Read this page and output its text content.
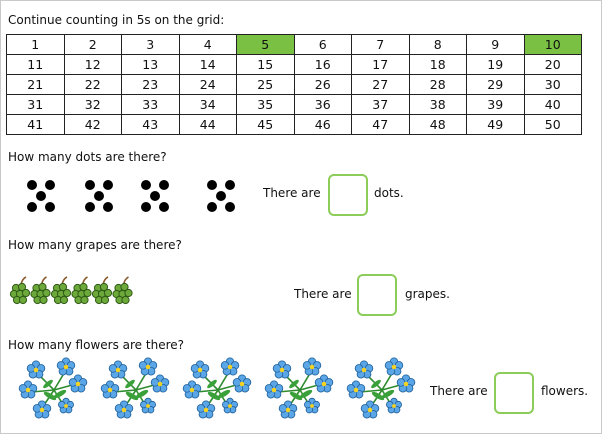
Continue counting in 5s on the grid:
1	2	3	4	5	6	7	8	9	10
11	12	13	14	15	16	17	18	19	20
21	22	23	24	25	26	27	28	29	30
31	32	33	34	35	36	37	38	39	40
41	42	43	44	45	46	47	48	49	50
How many dots are there?
There are	dots.
How many grapes are there?
There are	grapes.
How many flowers are there?
There are	flowers.
